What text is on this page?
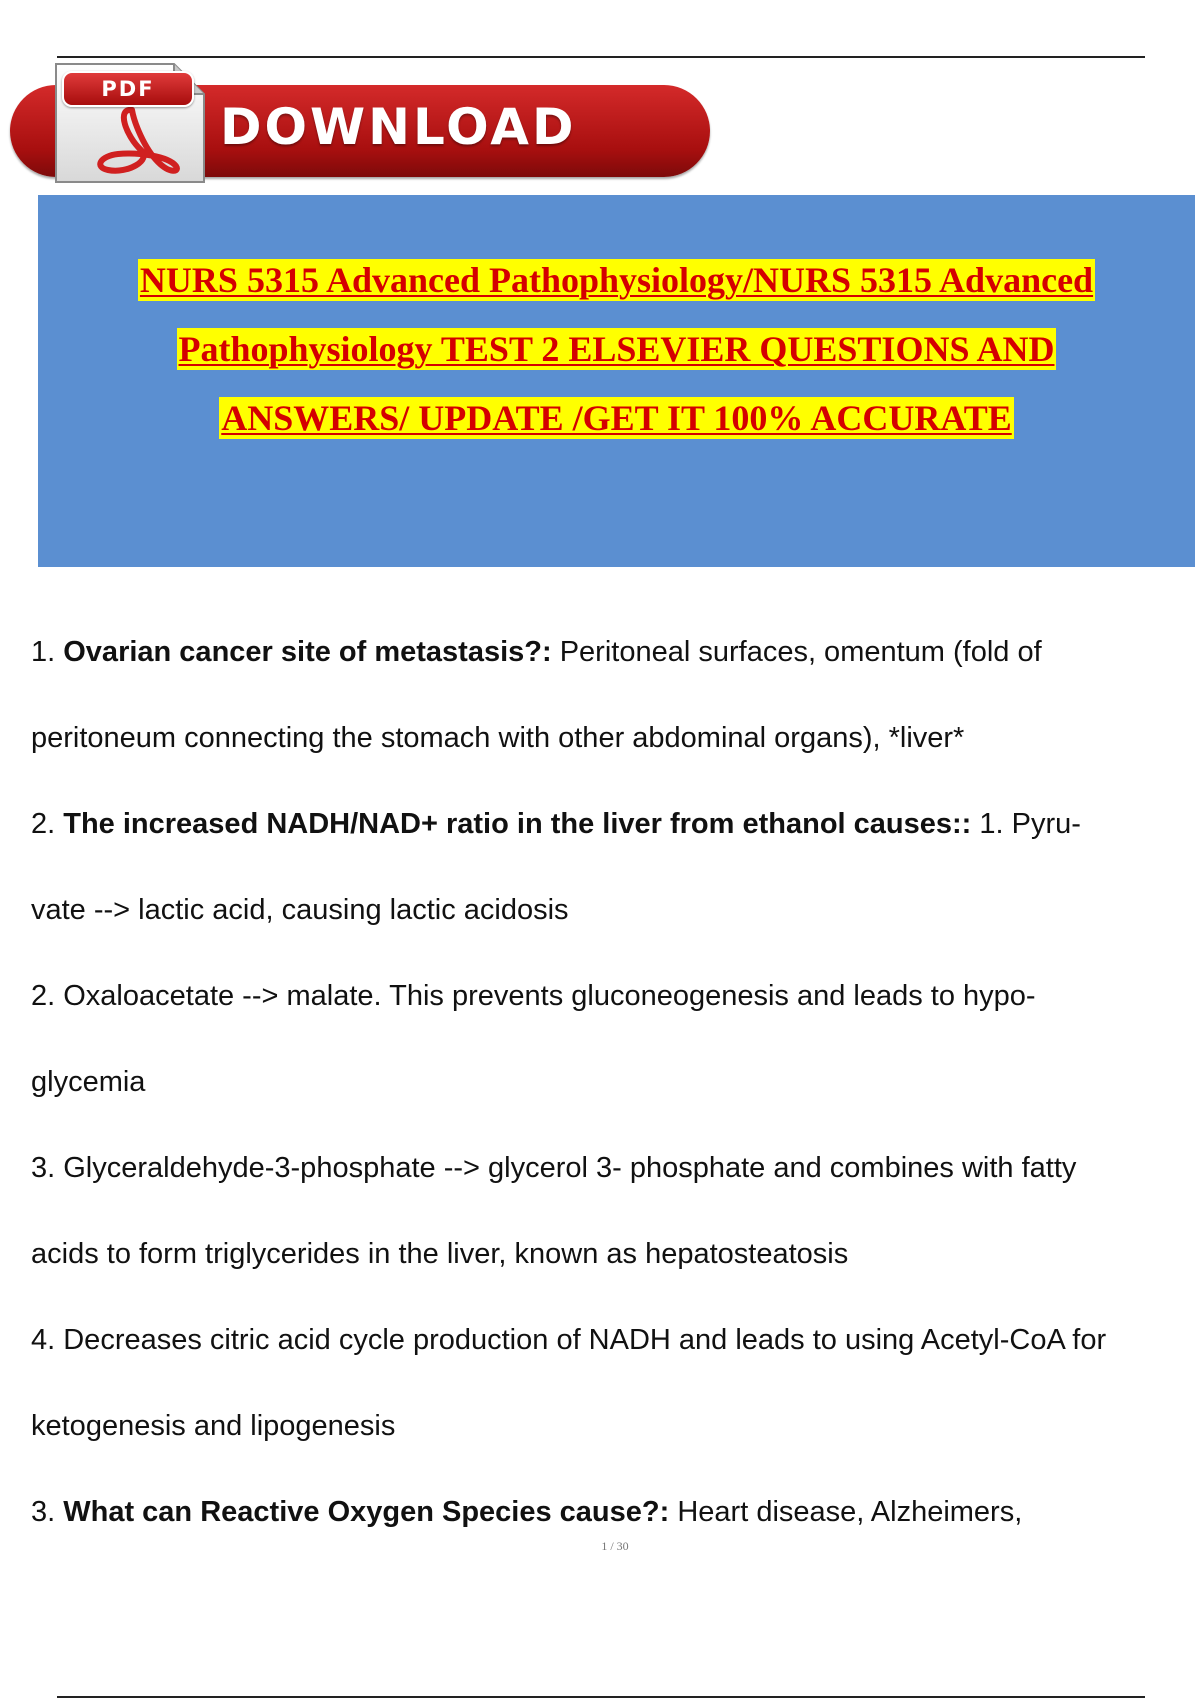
DOWNLOAD
PDF
NURS 5315 Advanced Pathophysiology/NURS 5315 Advanced
Pathophysiology TEST 2 ELSEVIER QUESTIONS AND
ANSWERS/ UPDATE /GET IT 100% ACCURATE
1. Ovarian cancer site of metastasis?: Peritoneal surfaces, omentum (fold of
peritoneum connecting the stomach with other abdominal organs), *liver*
2. The increased NADH/NAD+ ratio in the liver from ethanol causes:: 1. Pyru-
vate --> lactic acid, causing lactic acidosis
2. Oxaloacetate --> malate. This prevents gluconeogenesis and leads to hypo-
glycemia
3. Glyceraldehyde-3-phosphate --> glycerol 3- phosphate and combines with fatty
acids to form triglycerides in the liver, known as hepatosteatosis
4. Decreases citric acid cycle production of NADH and leads to using Acetyl-CoA for
ketogenesis and lipogenesis
3. What can Reactive Oxygen Species cause?: Heart disease, Alzheimers,
1 / 30
